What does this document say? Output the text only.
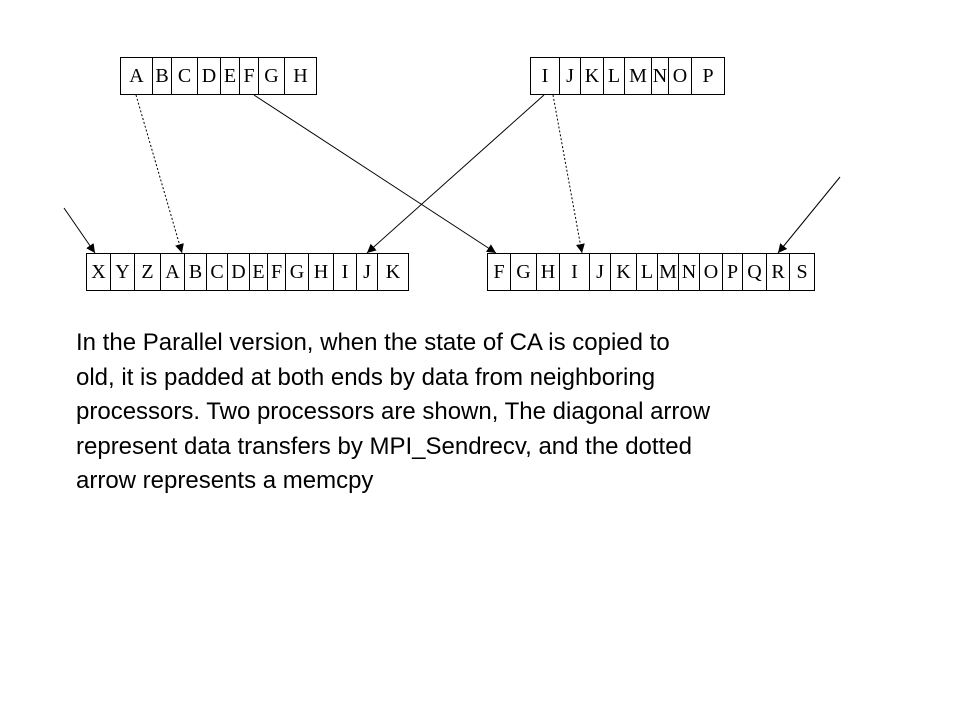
A B C D E F G H	I J K L M N O P
X Y Z A B C D E F G H I J K	F G H I J K L M N O P Q R S

In the Parallel version, when the state of CA is copied to

old, it is padded at both ends by data from neighboring

processors. Two processors are shown, The diagonal arrow

represent data transfers by MPI_Sendrecv, and the dotted

arrow represents a memcpy
